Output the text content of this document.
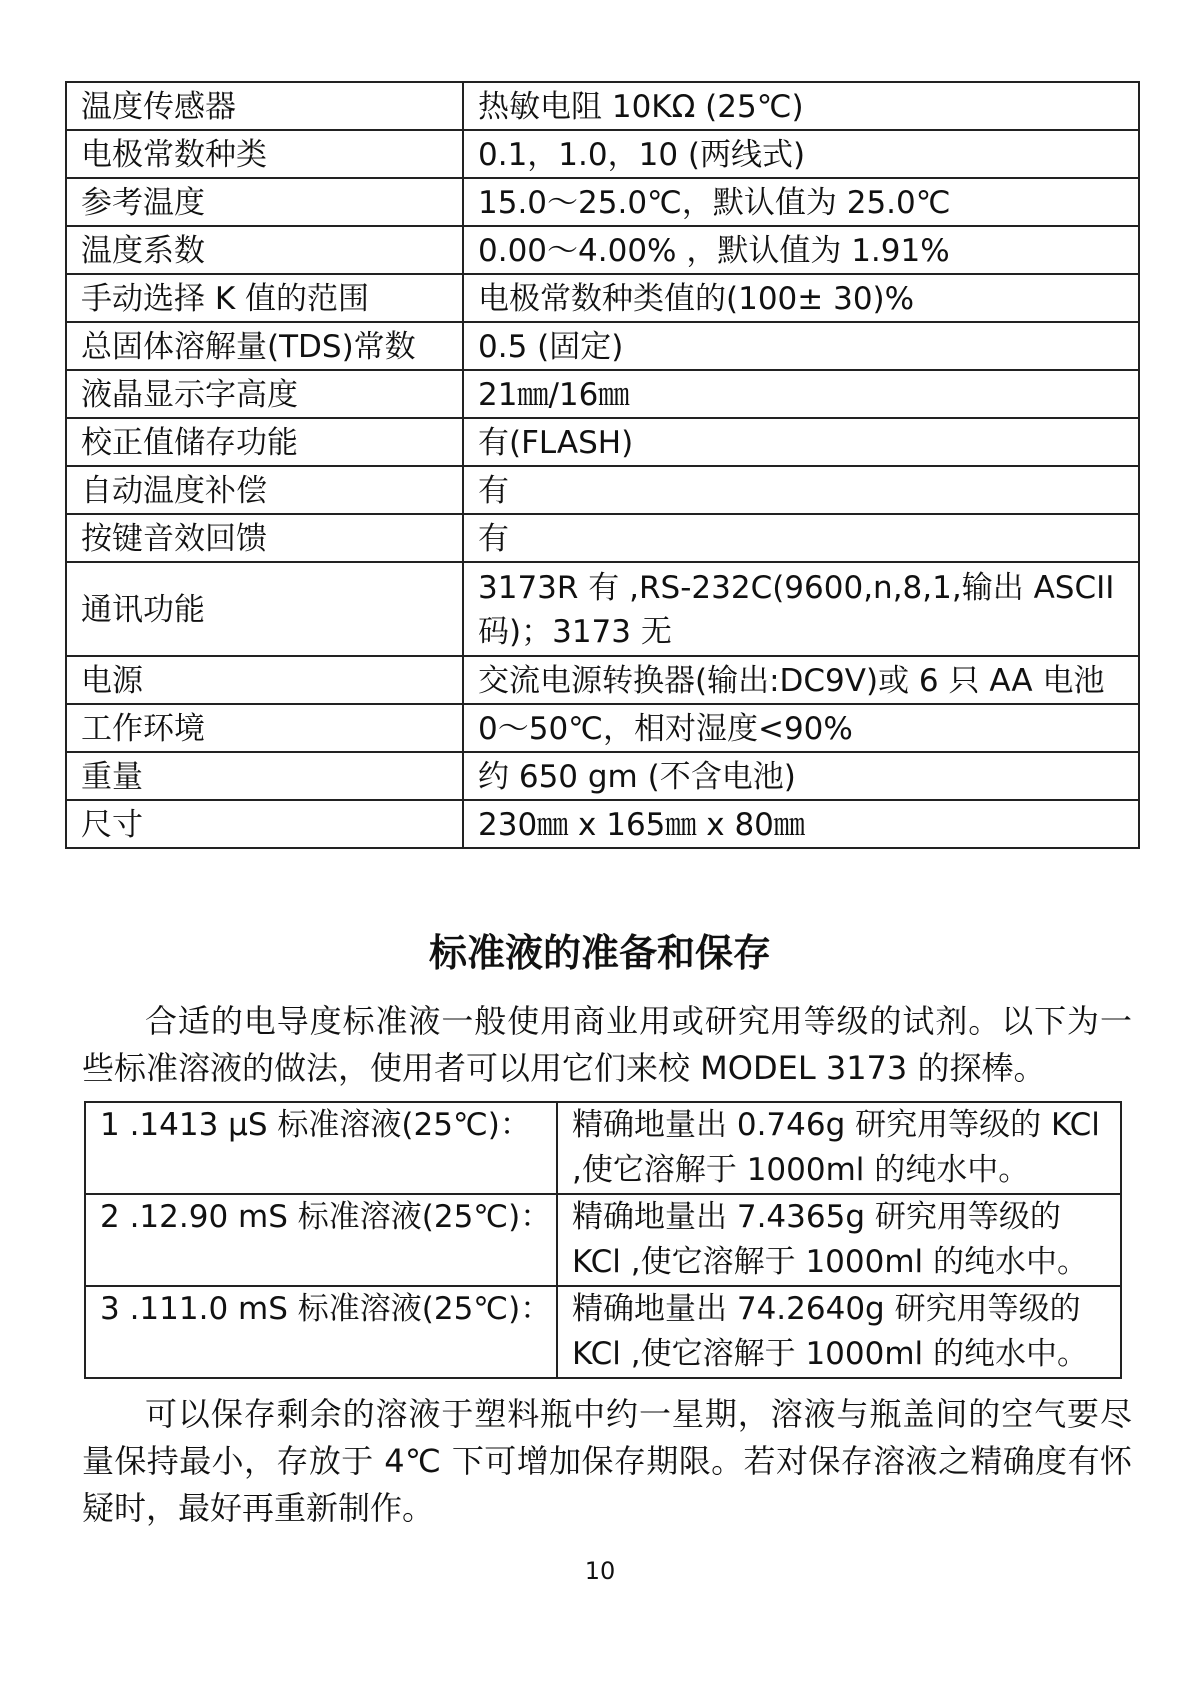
温度传感器	热敏电阻 10KΩ (25℃)
电极常数种类	0.1，1.0，10 (两线式)
参考温度	15.0～25.0℃，默认值为 25.0℃
温度系数	0.00～4.00% ，默认值为 1.91%
手动选择 K 值的范围	电极常数种类值的(100± 30)%
总固体溶解量(TDS)常数	0.5 (固定)
液晶显示字高度	21㎜/16㎜
校正值储存功能	有(FLASH)
自动温度补偿	有
按键音效回馈	有
通讯功能	3173R 有 ,RS-232C(9600,n,8,1,输出 ASCII 码)；3173 无
电源	交流电源转换器(输出:DC9V)或 6 只 AA 电池
工作环境	0～50℃，相对湿度<90%
重量	约 650 gm (不含电池)
尺寸	230㎜ x 165㎜ x 80㎜
标准液的准备和保存

合适的电导度标准液一般使用商业用或研究用等级的试剂。以下为一些标准溶液的做法，使用者可以用它们来校 MODEL 3173 的探棒。

1 .1413 μS 标准溶液(25℃)：	精确地量出 0.746g 研究用等级的 KCl ,使它溶解于 1000ml 的纯水中。
2 .12.90 mS 标准溶液(25℃)：	精确地量出 7.4365g 研究用等级的 KCl ,使它溶解于 1000ml 的纯水中。
3 .111.0 mS 标准溶液(25℃)：	精确地量出 74.2640g 研究用等级的 KCl ,使它溶解于 1000ml 的纯水中。

可以保存剩余的溶液于塑料瓶中约一星期，溶液与瓶盖间的空气要尽量保持最小，存放于 4℃ 下可增加保存期限。若对保存溶液之精确度有怀疑时，最好再重新制作。

10
